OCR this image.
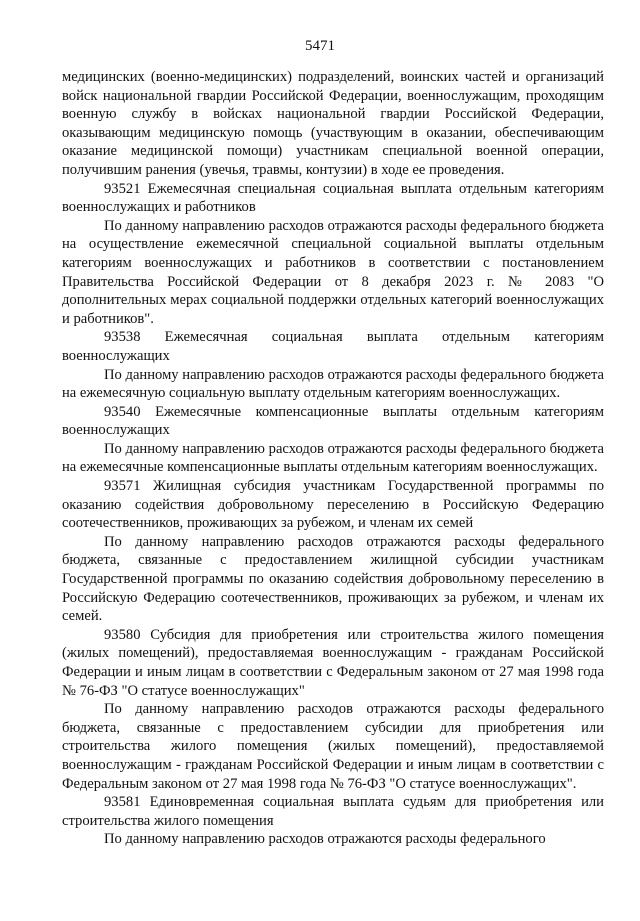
5471

медицинских (военно-медицинских) подразделений, воинских частей и организаций войск национальной гвардии Российской Федерации, военнослужащим, проходящим военную службу в войсках национальной гвардии Российской Федерации, оказывающим медицинскую помощь (участвующим в оказании, обеспечивающим оказание медицинской помощи) участникам специальной военной операции, получившим ранения (увечья, травмы, контузии) в ходе ее проведения.

93521 Ежемесячная специальная социальная выплата отдельным категориям военнослужащих и работников

По данному направлению расходов отражаются расходы федерального бюджета на осуществление ежемесячной специальной социальной выплаты отдельным категориям военнослужащих и работников в соответствии с постановлением Правительства Российской Федерации от 8 декабря 2023 г. № 2083 "О дополнительных мерах социальной поддержки отдельных категорий военнослужащих и работников".

93538 Ежемесячная социальная выплата отдельным категориям военнослужащих

По данному направлению расходов отражаются расходы федерального бюджета на ежемесячную социальную выплату отдельным категориям военнослужащих.

93540 Ежемесячные компенсационные выплаты отдельным категориям военнослужащих

По данному направлению расходов отражаются расходы федерального бюджета на ежемесячные компенсационные выплаты отдельным категориям военнослужащих.

93571 Жилищная субсидия участникам Государственной программы по оказанию содействия добровольному переселению в Российскую Федерацию соотечественников, проживающих за рубежом, и членам их семей

По данному направлению расходов отражаются расходы федерального бюджета, связанные с предоставлением жилищной субсидии участникам Государственной программы по оказанию содействия добровольному переселению в Российскую Федерацию соотечественников, проживающих за рубежом, и членам их семей.

93580 Субсидия для приобретения или строительства жилого помещения (жилых помещений), предоставляемая военнослужащим - гражданам Российской Федерации и иным лицам в соответствии с Федеральным законом от 27 мая 1998 года № 76-ФЗ "О статусе военнослужащих"

По данному направлению расходов отражаются расходы федерального бюджета, связанные с предоставлением субсидии для приобретения или строительства жилого помещения (жилых помещений), предоставляемой военнослужащим - гражданам Российской Федерации и иным лицам в соответствии с Федеральным законом от 27 мая 1998 года № 76-ФЗ "О статусе военнослужащих".

93581 Единовременная социальная выплата судьям для приобретения или строительства жилого помещения

По данному направлению расходов отражаются расходы федерального
